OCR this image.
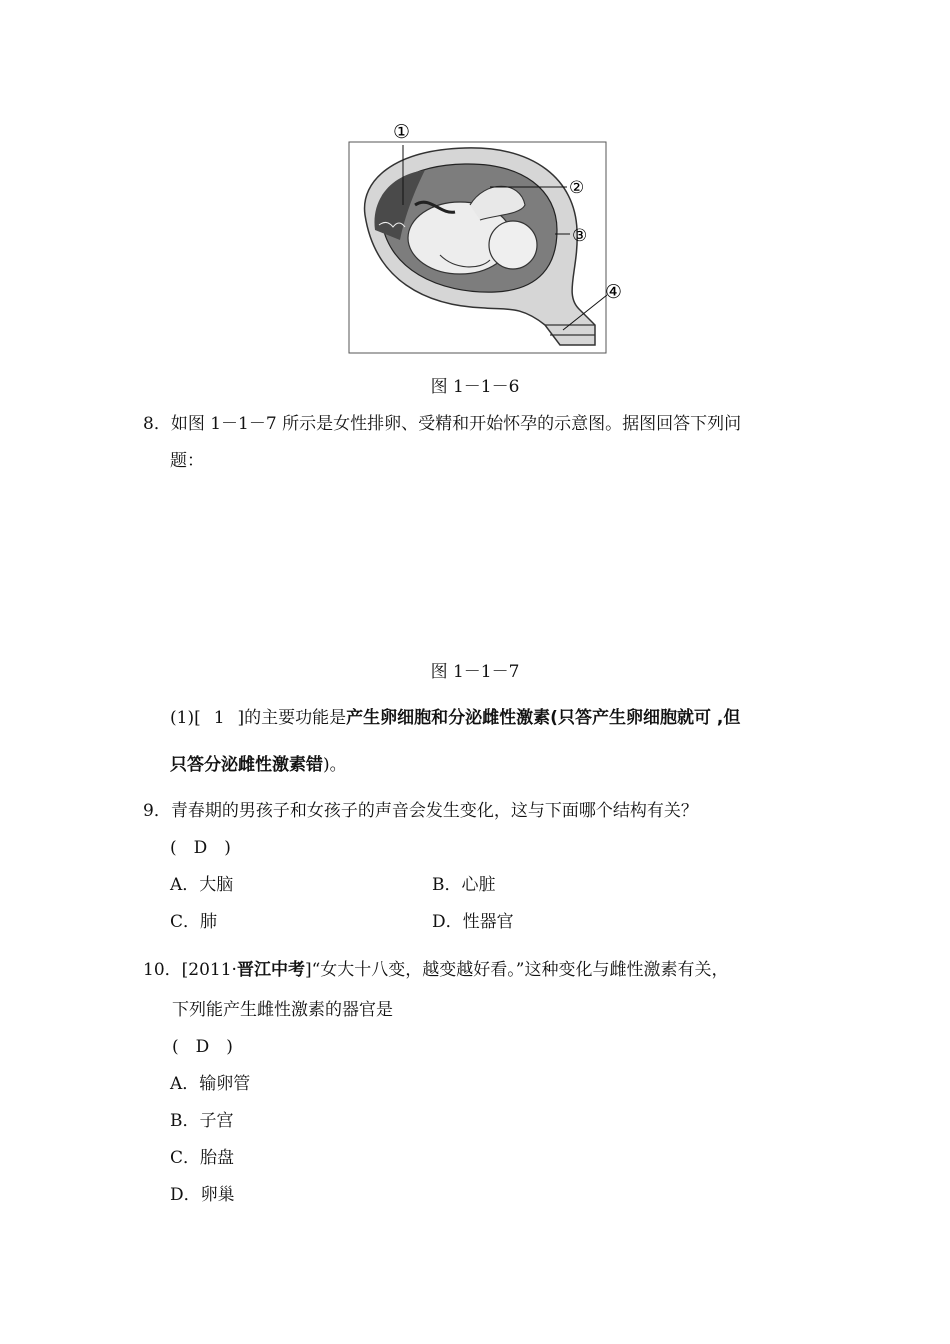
①
②
③
④
图 1－1－6
8．如图 1－1－7 所示是女性排卵、受精和开始怀孕的示意图。据图回答下列问
题：
图 1－1－7
(1)[ 1 ]的主要功能是产生卵细胞和分泌雌性激素(只答产生卵细胞就可 ,但
只答分泌雌性激素错)。
9．青春期的男孩子和女孩子的声音会发生变化，这与下面哪个结构有关？
(　D　)
A．大脑	B．心脏
C．肺	D．性器官
10．[2011·晋江中考]“女大十八变，越变越好看。”这种变化与雌性激素有关，
下列能产生雌性激素的器官是
(　D　)
A．输卵管
B．子宫
C．胎盘
D．卵巢
